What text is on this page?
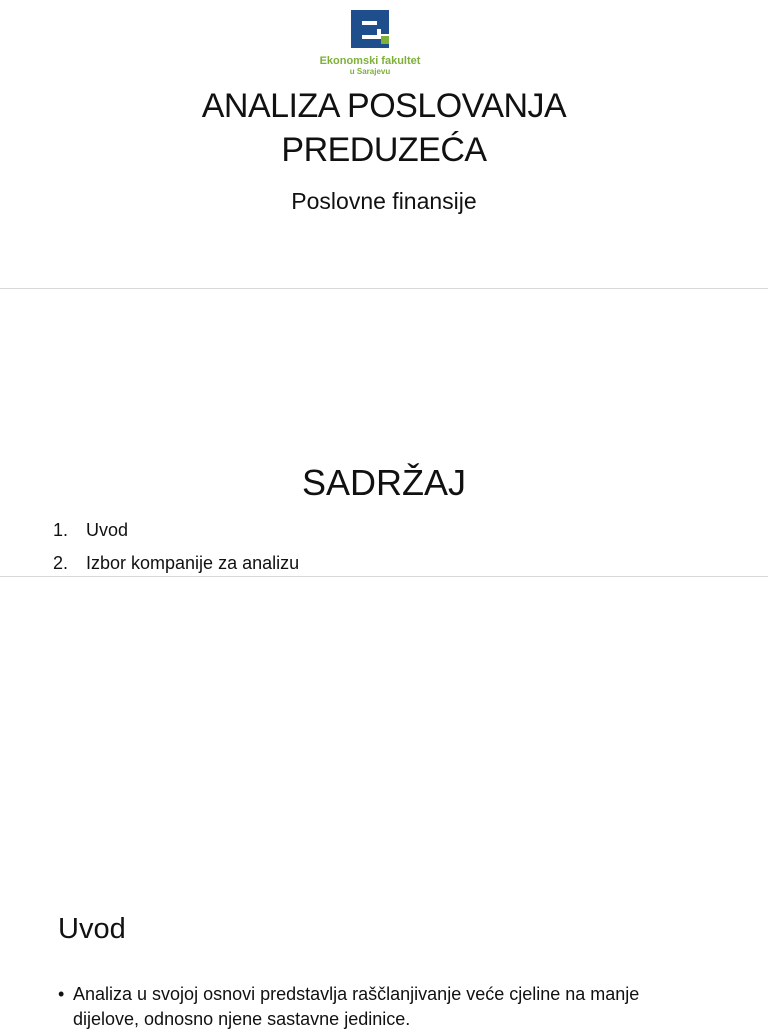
Ekonomski fakultet
u Sarajevu
ANALIZA POSLOVANJA
PREDUZEĆA
Poslovne finansije
SADRŽAJ
1. Uvod
2. Izbor kompanije za analizu
Uvod
• Analiza u svojoj osnovi predstavlja raščlanjivanje veće cjeline na manje dijelove, odnosno njene sastavne jedinice.
